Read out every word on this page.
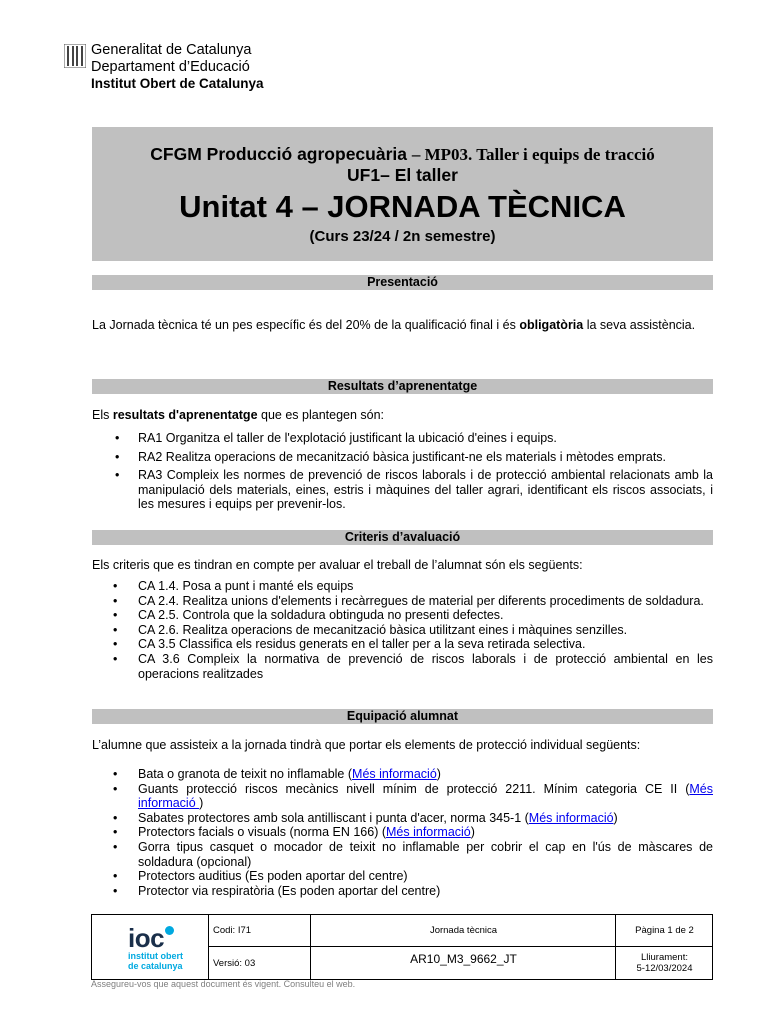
Generalitat de Catalunya
Departament d’Educació
Institut Obert de Catalunya
CFGM Producció agropecuària – MP03. Taller i equips de tracció
UF1– El taller
Unitat 4 – JORNADA TÈCNICA
(Curs 23/24 / 2n semestre)
Presentació
La Jornada tècnica té un pes específic és del 20% de la qualificació final i és obligatòria la seva assistència.
Resultats d’aprenentatge
Els resultats d'aprenentatge que es plantegen són:
• RA1 Organitza el taller de l'explotació justificant la ubicació d'eines i equips.
• RA2 Realitza operacions de mecanització bàsica justificant-ne els materials i mètodes emprats.
• RA3 Compleix les normes de prevenció de riscos laborals i de protecció ambiental relacionats amb la manipulació dels materials, eines, estris i màquines del taller agrari, identificant els riscos associats, i les mesures i equips per prevenir-los.
Criteris d’avaluació
Els criteris que es tindran en compte per avaluar el treball de l’alumnat són els següents:
• CA 1.4. Posa a punt i manté els equips
• CA 2.4. Realitza unions d'elements i recàrregues de material per diferents procediments de soldadura.
• CA 2.5. Controla que la soldadura obtinguda no presenti defectes.
• CA 2.6. Realitza operacions de mecanització bàsica utilitzant eines i màquines senzilles.
• CA 3.5 Classifica els residus generats en el taller per a la seva retirada selectiva.
• CA 3.6 Compleix la normativa de prevenció de riscos laborals i de protecció ambiental en les operacions realitzades
Equipació alumnat
L’alumne que assisteix a la jornada tindrà que portar els elements de protecció individual següents:
• Bata o granota de teixit no inflamable (Més informació)
• Guants protecció riscos mecànics nivell mínim de protecció 2211. Mínim categoria CE II (Més informació )
• Sabates protectores amb sola antilliscant i punta d'acer, norma 345-1 (Més informació)
• Protectors facials o visuals (norma EN 166) (Més informació)
• Gorra tipus casquet o mocador de teixit no inflamable per cobrir el cap en l'ús de màscares de soldadura (opcional)
• Protectors auditius (Es poden aportar del centre)
• Protector via respiratòria (Es poden aportar del centre)
ioc
institut obert
de catalunya
Codi: I71
Versió: 03
Jornada tècnica
AR10_M3_9662_JT
Pàgina 1 de 2
Lliurament:
5-12/03/2024
Assegureu-vos que aquest document és vigent. Consulteu el web.
